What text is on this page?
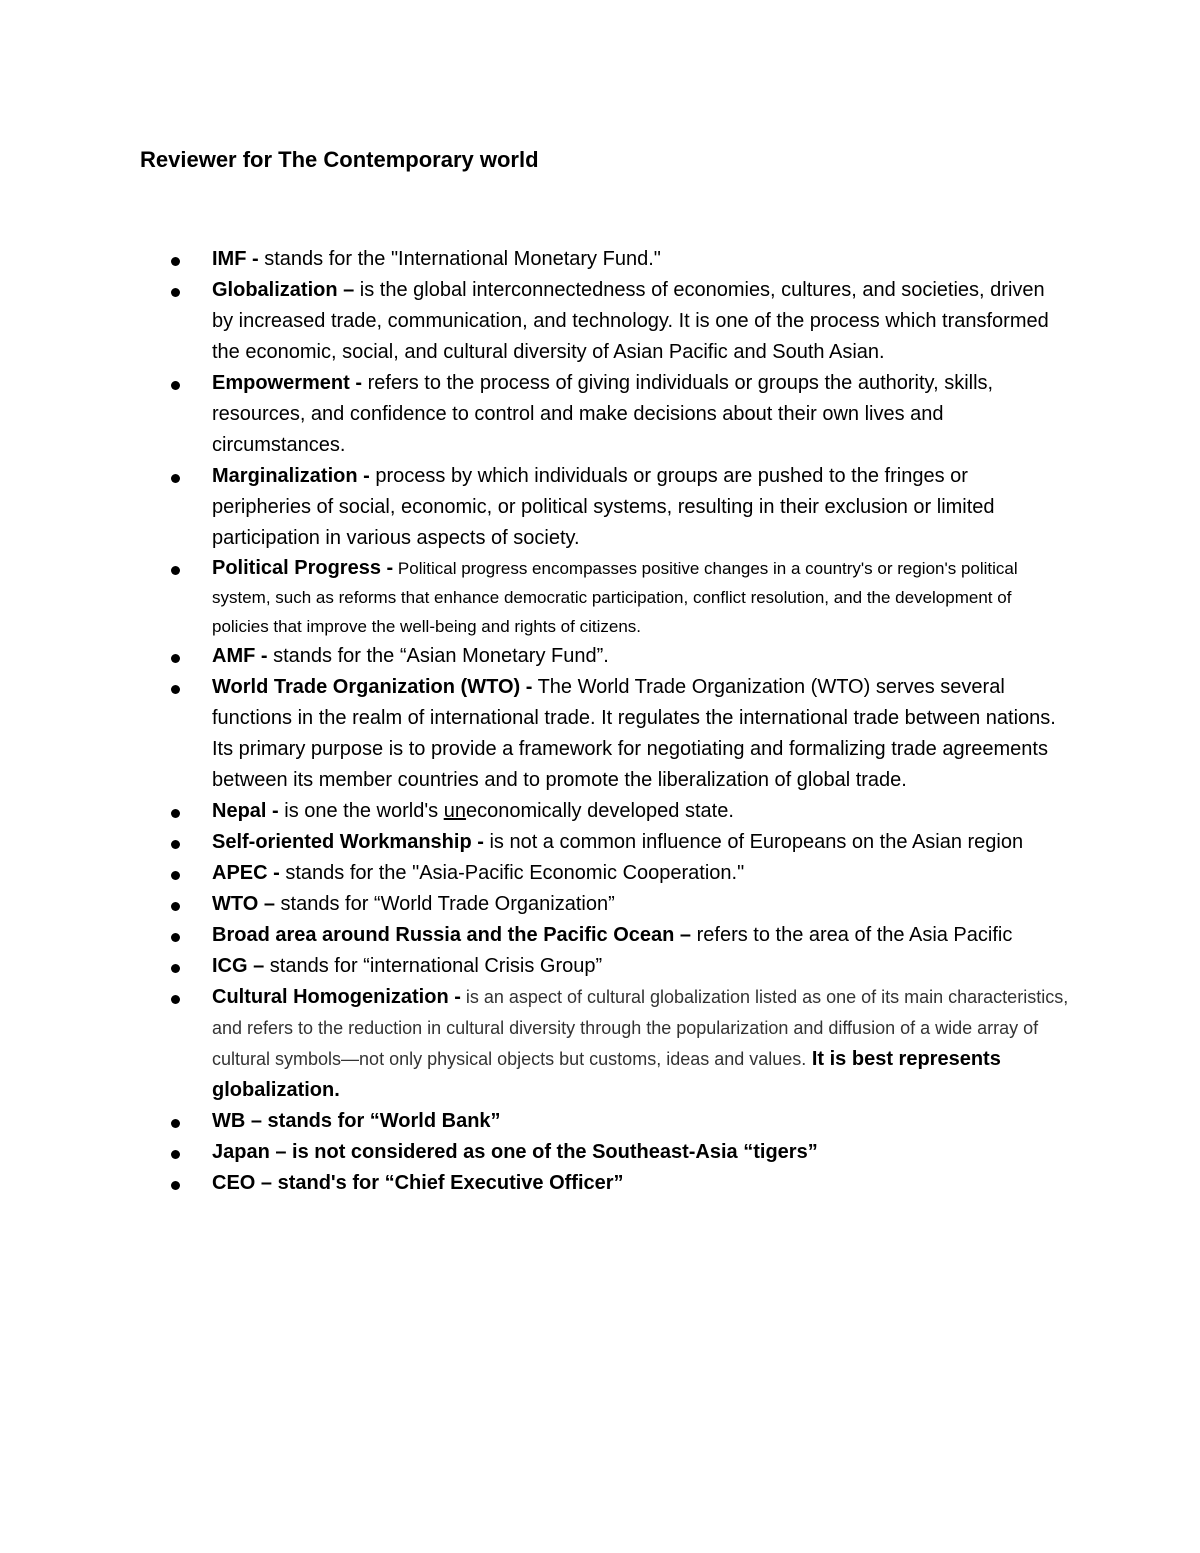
Reviewer for The Contemporary world
IMF - stands for the "International Monetary Fund."
Globalization – is the global interconnectedness of economies, cultures, and societies, driven by increased trade, communication, and technology. It is one of the process which transformed the economic, social, and cultural diversity of Asian Pacific and South Asian.
Empowerment - refers to the process of giving individuals or groups the authority, skills, resources, and confidence to control and make decisions about their own lives and circumstances.
Marginalization - process by which individuals or groups are pushed to the fringes or peripheries of social, economic, or political systems, resulting in their exclusion or limited participation in various aspects of society.
Political Progress - Political progress encompasses positive changes in a country's or region's political system, such as reforms that enhance democratic participation, conflict resolution, and the development of policies that improve the well-being and rights of citizens.
AMF - stands for the “Asian Monetary Fund”.
World Trade Organization (WTO) - The World Trade Organization (WTO) serves several functions in the realm of international trade. It regulates the international trade between nations. Its primary purpose is to provide a framework for negotiating and formalizing trade agreements between its member countries and to promote the liberalization of global trade.
Nepal - is one the world's uneconomically developed state.
Self-oriented Workmanship - is not a common influence of Europeans on the Asian region
APEC - stands for the "Asia-Pacific Economic Cooperation."
WTO – stands for “World Trade Organization”
Broad area around Russia and the Pacific Ocean – refers to the area of the Asia Pacific
ICG – stands for “international Crisis Group”
Cultural Homogenization - is an aspect of cultural globalization listed as one of its main characteristics, and refers to the reduction in cultural diversity through the popularization and diffusion of a wide array of cultural symbols—not only physical objects but customs, ideas and values. It is best represents globalization.
WB – stands for “World Bank”
Japan – is not considered as one of the Southeast-Asia “tigers”
CEO – stand's for “Chief Executive Officer”
